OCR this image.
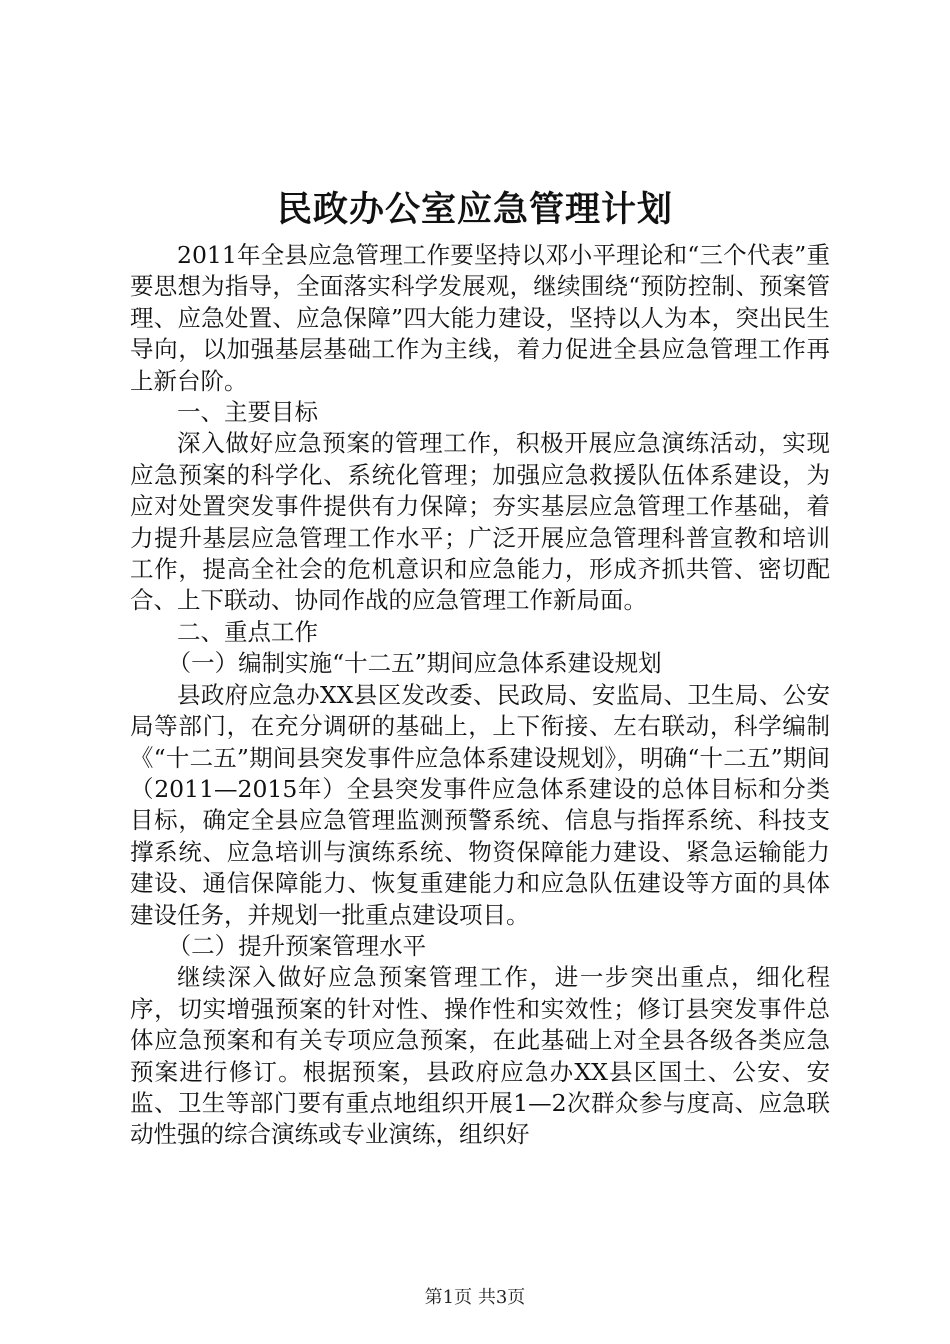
民政办公室应急管理计划

2011年全县应急管理工作要坚持以邓小平理论和“三个代表”重要思想为指导，全面落实科学发展观，继续围绕“预防控制、预案管理、应急处置、应急保障”四大能力建设，坚持以人为本，突出民生导向，以加强基层基础工作为主线，着力促进全县应急管理工作再上新台阶。

一、主要目标

深入做好应急预案的管理工作，积极开展应急演练活动，实现应急预案的科学化、系统化管理；加强应急救援队伍体系建设，为应对处置突发事件提供有力保障；夯实基层应急管理工作基础，着力提升基层应急管理工作水平；广泛开展应急管理科普宣教和培训工作，提高全社会的危机意识和应急能力，形成齐抓共管、密切配合、上下联动、协同作战的应急管理工作新局面。

二、重点工作

（一）编制实施“十二五”期间应急体系建设规划

县政府应急办XX县区发改委、民政局、安监局、卫生局、公安局等部门，在充分调研的基础上，上下衔接、左右联动，科学编制《“十二五”期间县突发事件应急体系建设规划》，明确“十二五”期间（2011—2015年）全县突发事件应急体系建设的总体目标和分类目标，确定全县应急管理监测预警系统、信息与指挥系统、科技支撑系统、应急培训与演练系统、物资保障能力建设、紧急运输能力建设、通信保障能力、恢复重建能力和应急队伍建设等方面的具体建设任务，并规划一批重点建设项目。

（二）提升预案管理水平

继续深入做好应急预案管理工作，进一步突出重点，细化程序，切实增强预案的针对性、操作性和实效性；修订县突发事件总体应急预案和有关专项应急预案，在此基础上对全县各级各类应急预案进行修订。根据预案，县政府应急办XX县区国土、公安、安监、卫生等部门要有重点地组织开展1—2次群众参与度高、应急联动性强的综合演练或专业演练，组织好

第1页 共3页
